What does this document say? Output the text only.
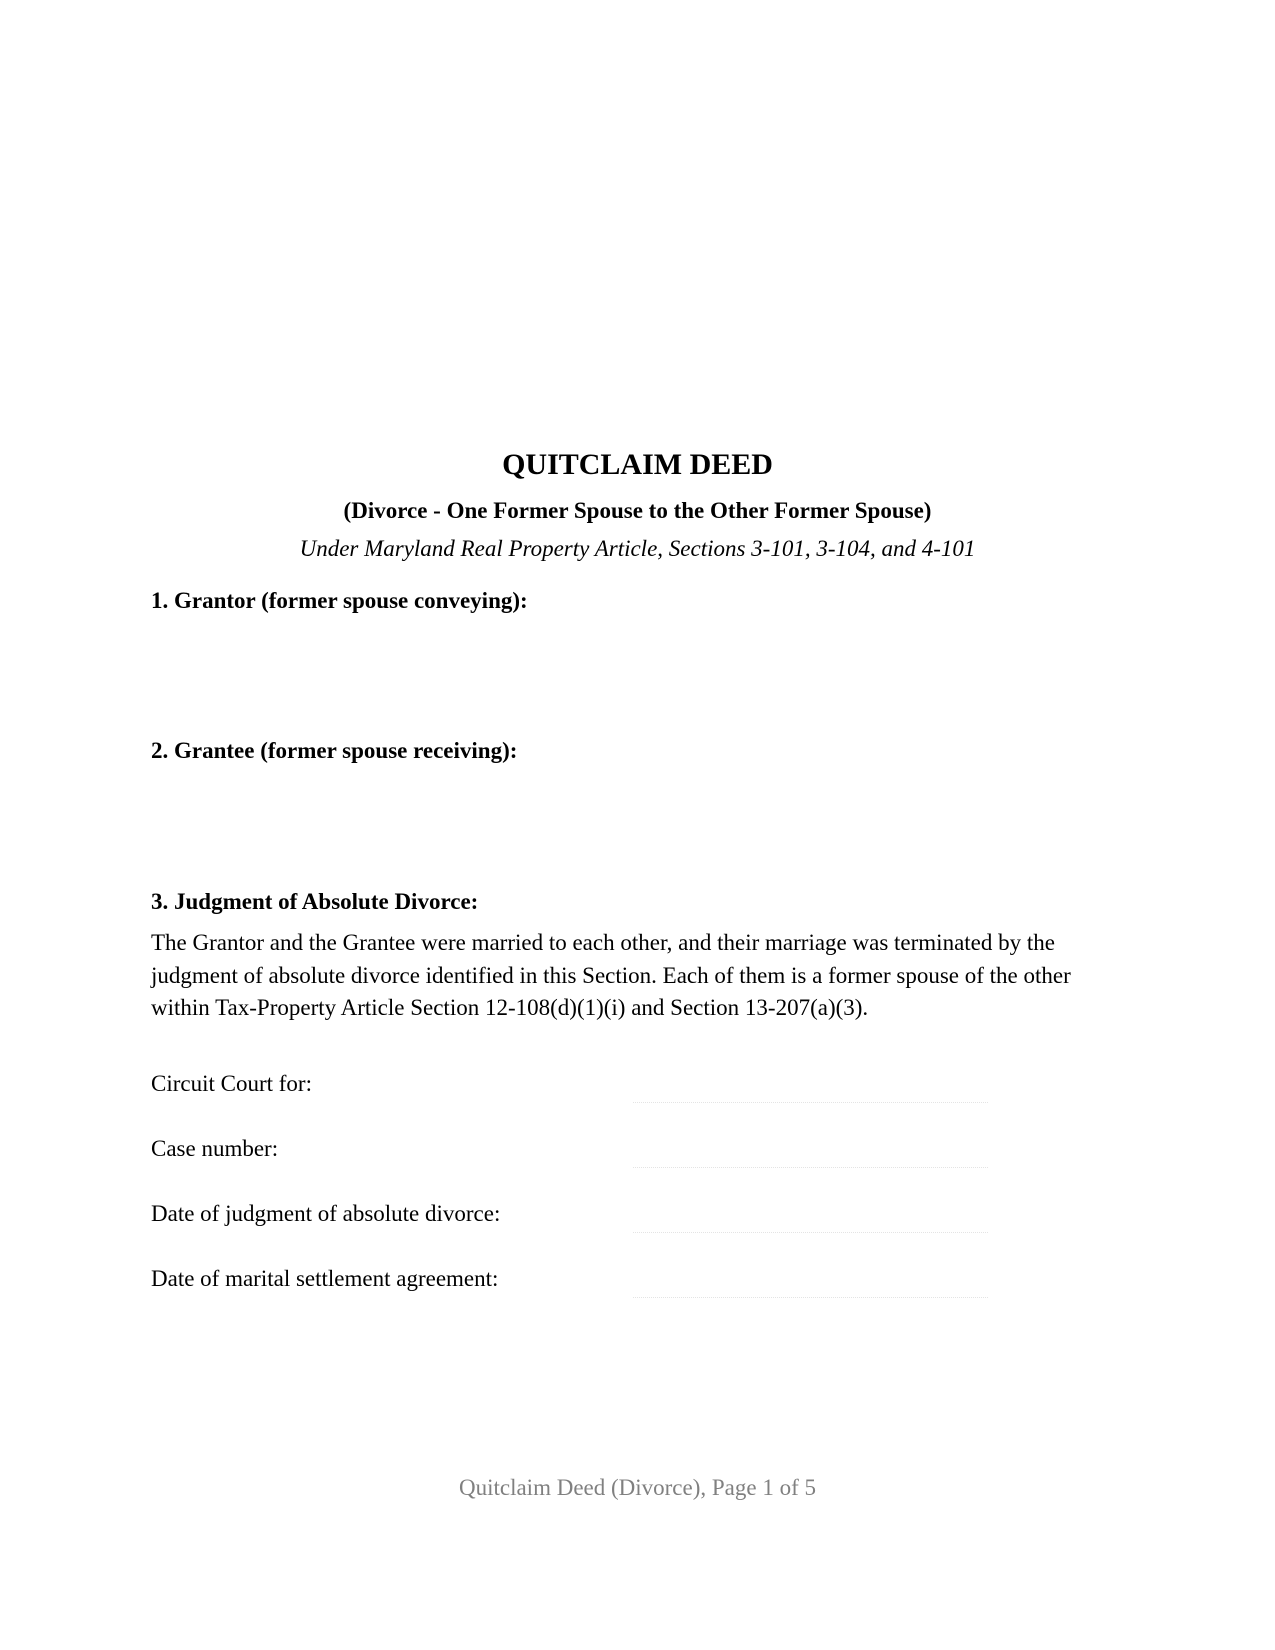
QUITCLAIM DEED
(Divorce - One Former Spouse to the Other Former Spouse)
Under Maryland Real Property Article, Sections 3-101, 3-104, and 4-101
1. Grantor (former spouse conveying):
2. Grantee (former spouse receiving):
3. Judgment of Absolute Divorce:
The Grantor and the Grantee were married to each other, and their marriage was terminated by the judgment of absolute divorce identified in this Section. Each of them is a former spouse of the other within Tax-Property Article Section 12-108(d)(1)(i) and Section 13-207(a)(3).
Circuit Court for:
Case number:
Date of judgment of absolute divorce:
Date of marital settlement agreement:
Quitclaim Deed (Divorce), Page 1 of 5
